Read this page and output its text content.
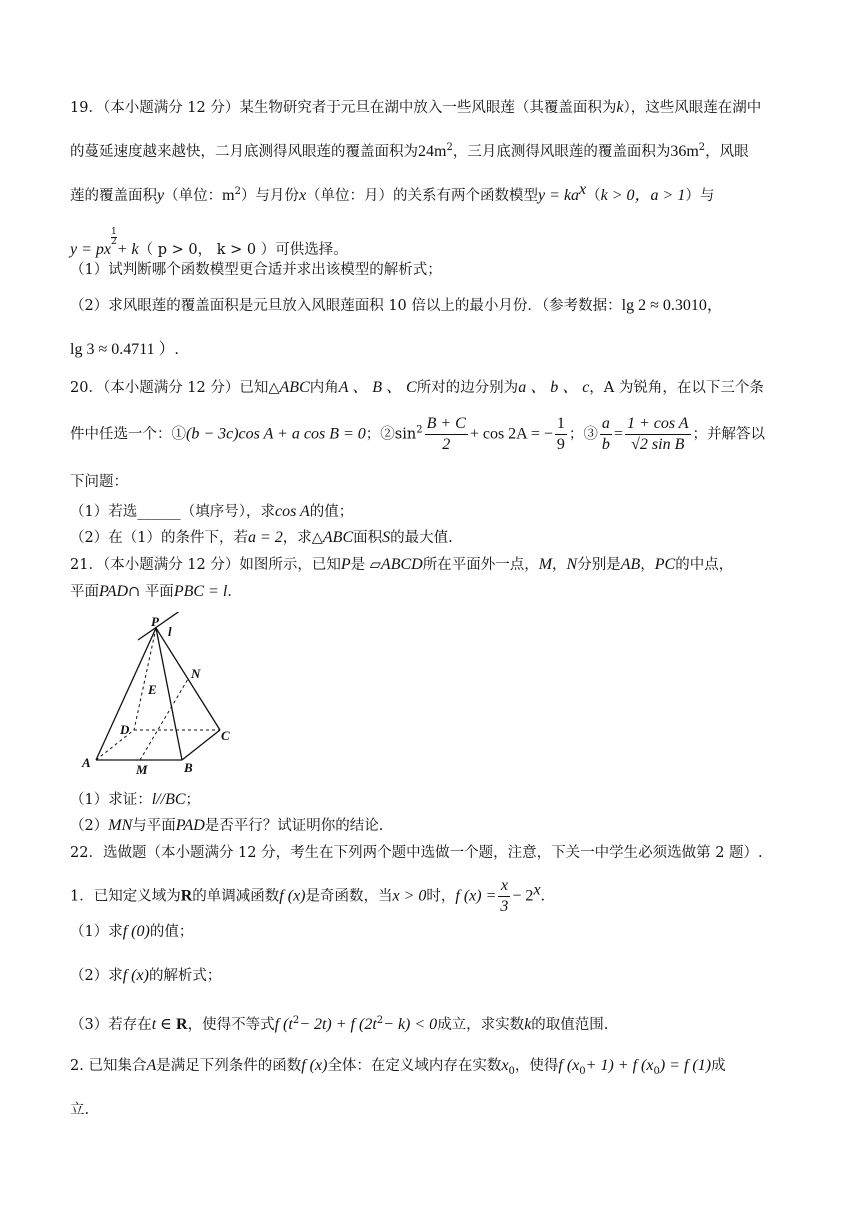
19．（本小题满分 12 分）某生物研究者于元旦在湖中放入一些风眼莲（其覆盖面积为k），这些风眼莲在湖中
的蔓延速度越来越快，二月底测得风眼莲的覆盖面积为$24m^2$，三月底测得风眼莲的覆盖面积为$36m^2$，风眼
莲的覆盖面积y（单位：$m^2$）与月份x（单位：月）的关系有两个函数模型$y = ka^x(k > 0$，a > 1）与
y = px
$\frac{1}{2}$
+ k（ p > 0， k > 0 ）可供选择。
（1）试判断哪个函数模型更合适并求出该模型的解析式；
（2）求风眼莲的覆盖面积是元旦放入风眼莲面积 10 倍以上的最小月份．（参考数据：lg 2 ≈ 0.3010，
lg 3 ≈ 0.4711 ）.
20．（本小题满分 12 分）已知△ABC内角A 、 B 、 C所对的边分别为a 、 b 、 c，A 为锐角，在以下三个条
件中任选一个：①(b − 3c)cos A + a cos B = 0；$②\sin^2 \frac{B + C}{2} + \cos 2A$ = − $\frac{1}{9}$ ；③ $\frac{a}{b} = \frac{\text{1 + cos A}}{\text{√2 sin B}}$ ；并解答以
下问题：
（1）若选______（填序号），求cos A的值；
（2）在（1）的条件下，若a = 2，求△ABC面积S的最大值.
21．（本小题满分 12 分）如图所示，已知P是 ▱ABCD所在平面外一点，M，N分别是AB，PC的中点，
平面PAD∩ 平面PBC = l.
P
l
N
E
D	C
A	M	B
（1）求证：l//BC；
（2）MN与平面PAD是否平行？试证明你的结论.
22．选做题（本小题满分 12 分，考生在下列两个题中选做一个题，注意，下关一中学生必须选做第 2 题）.
1．已知定义域为R的单调减函数f (x)是奇函数，当x > 0时，f $(x) = \frac{x}{3} - 2^x$.
（1）求f (0)的值；
（2）求f (x)的解析式；
（3）若存在t ∈ R，使得不等式f $(t^2- 2t) + f$ $(2t^2- k) < 0$成立，求实数k的取值范围.
2. 已知集合A是满足下列条件的函数f (x)全体：在定义域内存在实数$x_0$，使得f $(x_0+ 1) + f$ $(x_0) = f$ (1)成
立.
